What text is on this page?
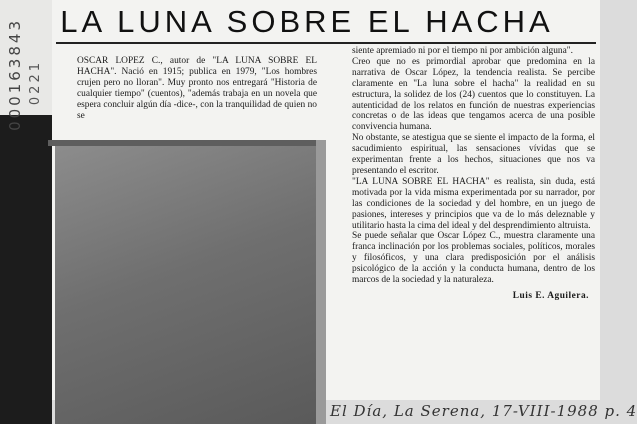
000163843 0221
LA LUNA SOBRE EL HACHA

OSCAR LOPEZ C., autor de "LA LUNA SOBRE EL HACHA". Nació en 1915; publica en 1979, "Los hombres crujen pero no lloran". Muy pronto nos entregará "Historia de cualquier tiempo" (cuentos), "además trabaja en un novela que espera concluir algún día -dice-, con la tranquilidad de quien no se

siente apremiado ni por el tiempo ni por ambición alguna".

Creo que no es primordial aprobar que predomina en la narrativa de Oscar López, la tendencia realista. Se percibe claramente en "La luna sobre el hacha" la realidad en su estructura, la solidez de los (24) cuentos que lo constituyen. La autenticidad de los relatos en función de nuestras experiencias concretas o de las ideas que tengamos acerca de una posible convivencia humana.

No obstante, se atestigua que se siente el impacto de la forma, el sacudimiento espiritual, las sensaciones vívidas que se experimentan frente a los hechos, situaciones que nos va presentando el escritor.

"LA LUNA SOBRE EL HACHA" es realista, sin duda, está motivada por la vida misma experimentada por su narrador, por las condiciones de la sociedad y del hombre, en un juego de pasiones, intereses y principios que va de lo más deleznable y utilitario hasta la cima del ideal y del desprendimiento altruista.

Se puede señalar que Oscar López C., muestra claramente una franca inclinación por los problemas sociales, políticos, morales y filosóficos, y una clara predisposición por el análisis psicológico de la acción y la conducta humana, dentro de los marcos de la sociedad y la naturaleza.

Luis E. Aguilera.

El Día, La Serena, 17-VIII-1988 p. 4
